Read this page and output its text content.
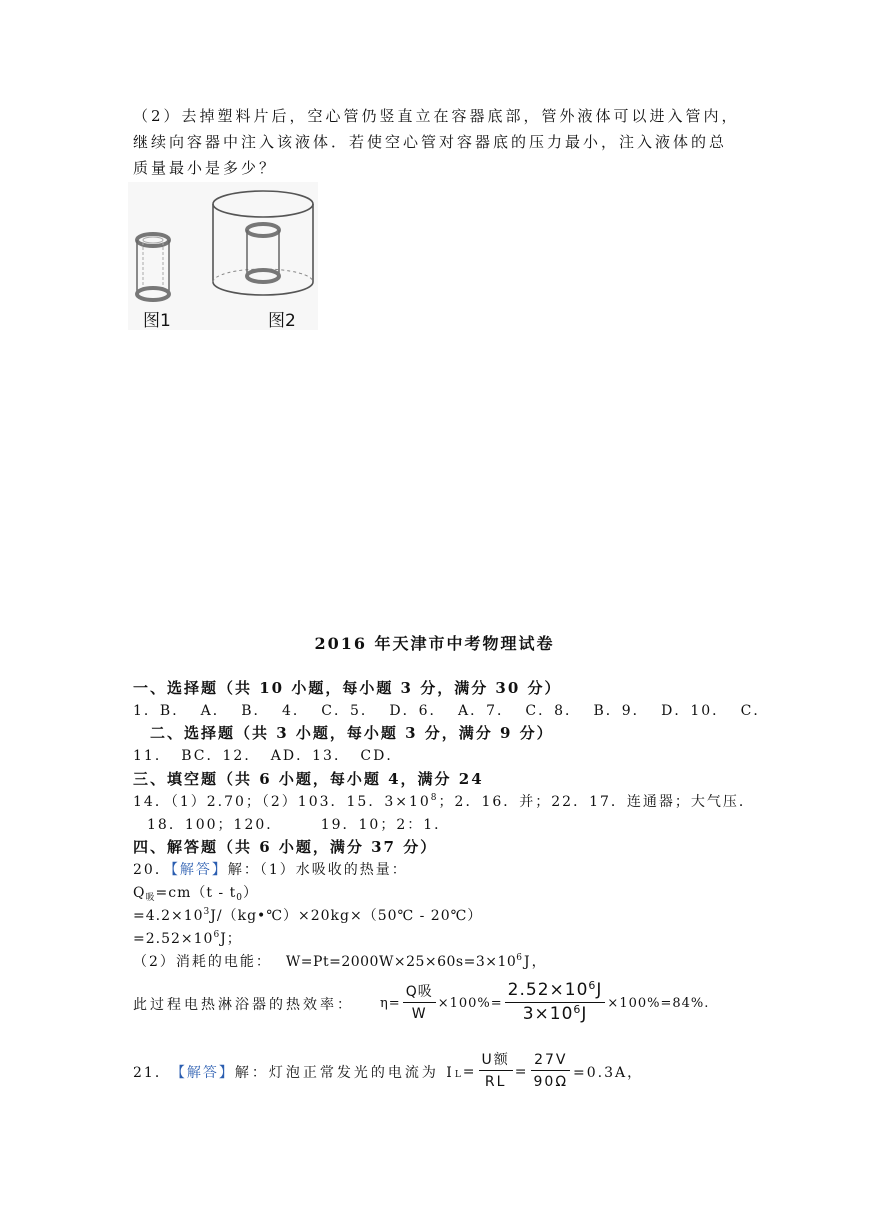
（2）去掉塑料片后，空心管仍竖直立在容器底部，管外液体可以进入管内，
继续向容器中注入该液体．若使空心管对容器底的压力最小，注入液体的总
质量最小是多少？
图1	图2
2016 年天津市中考物理试卷
一、选择题（共 10 小题，每小题 3 分，满分 30 分）
1．B． A． B． 4． C．5． D．6． A．7． C．8． B．9． D．10． C．
二、选择题（共 3 小题，每小题 3 分，满分 9 分）
11． BC．12． AD．13． CD．
三、填空题（共 6 小题，每小题 4，满分 24
14．（1）2.70；（2）103．15．$3\times 10^8$；2．16．并；22．17．连通器；大气压．
18．100；120． 19．10；2：1．
四、解答题（共 6 小题，满分 37 分）
20．【解答】解：（1）水吸收的热量：
$Q_吸=cm(t - t_0)$
$=4.2\times 10^3J/(kg•℃)\times 20kg\times(50℃$ - 20℃）
$=2.52\times 10^6J$；
（2）消耗的电能： $W=Pt=2000W\times 25\times 60s=3\times 10^6J$，
此过程电热淋浴器的热效率： $\eta= \frac{\text{Q吸}}{W} \times 100\%= \frac{2.52\times 10^6J}{3\times 10^6J} \times 100\%=84\%$.
21． 【解答】 解：灯泡正常发光的电流为 I $L = \frac{\text{U额}}{RL} = \frac{27V}{90\Omega} =0.3A$，
